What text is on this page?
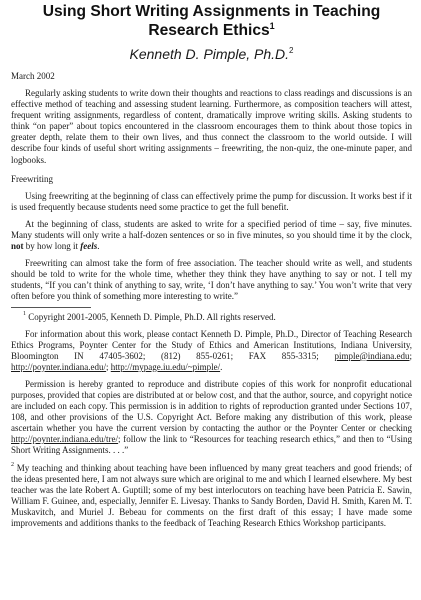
Using Short Writing Assignments in Teaching
Research Ethics$^1$
Kenneth D. Pimple, Ph.D.$^2$
March 2002

Regularly asking students to write down their thoughts and reactions to class readings and discussions is an effective method of teaching and assessing student learning. Furthermore, as composition teachers will attest, frequent writing assignments, regardless of content, dramatically improve writing skills. Asking students to think “on paper” about topics encountered in the classroom encourages them to think about those topics in greater depth, relate them to their own lives, and thus connect the classroom to the world outside. I will describe four kinds of useful short writing assignments – freewriting, the non-quiz, the one-minute paper, and logbooks.

Freewriting

Using freewriting at the beginning of class can effectively prime the pump for discussion. It works best if it is used frequently because students need some practice to get the full benefit.

At the beginning of class, students are asked to write for a specified period of time – say, five minutes. Many students will only write a half-dozen sentences or so in five minutes, so you should time it by the clock, not by how long it feels.

Freewriting can almost take the form of free association. The teacher should write as well, and students should be told to write for the whole time, whether they think they have anything to say or not. I tell my students, “If you can’t think of anything to say, write, ‘I don’t have anything to say.’ You won’t write that very often before you think of something more interesting to write.”

$^1$ Copyright 2001-2005, Kenneth D. Pimple, Ph.D. All rights reserved.

For information about this work, please contact Kenneth D. Pimple, Ph.D., Director of Teaching Research Ethics Programs, Poynter Center for the Study of Ethics and American Institutions, Indiana University, Bloomington IN 47405-3602; (812) 855-0261; FAX 855-3315; pimple@indiana.edu; http://poynter.indiana.edu/; http://mypage.iu.edu/~pimple/.

Permission is hereby granted to reproduce and distribute copies of this work for nonprofit educational purposes, provided that copies are distributed at or below cost, and that the author, source, and copyright notice are included on each copy. This permission is in addition to rights of reproduction granted under Sections 107, 108, and other provisions of the U.S. Copyright Act. Before making any distribution of this work, please ascertain whether you have the current version by contacting the author or the Poynter Center or checking http://poynter.indiana.edu/tre/; follow the link to “Resources for teaching research ethics,” and then to “Using Short Writing Assignments. . . .”

$^2$ My teaching and thinking about teaching have been influenced by many great teachers and good friends; of the ideas presented here, I am not always sure which are original to me and which I learned elsewhere. My best teacher was the late Robert A. Guptill; some of my best interlocutors on teaching have been Patricia E. Sawin, William F. Guinee, and, especially, Jennifer E. Livesay. Thanks to Sandy Borden, David H. Smith, Karen M. T. Muskavitch, and Muriel J. Bebeau for comments on the first draft of this essay; I have made some improvements and additions thanks to the feedback of Teaching Research Ethics Workshop participants.
